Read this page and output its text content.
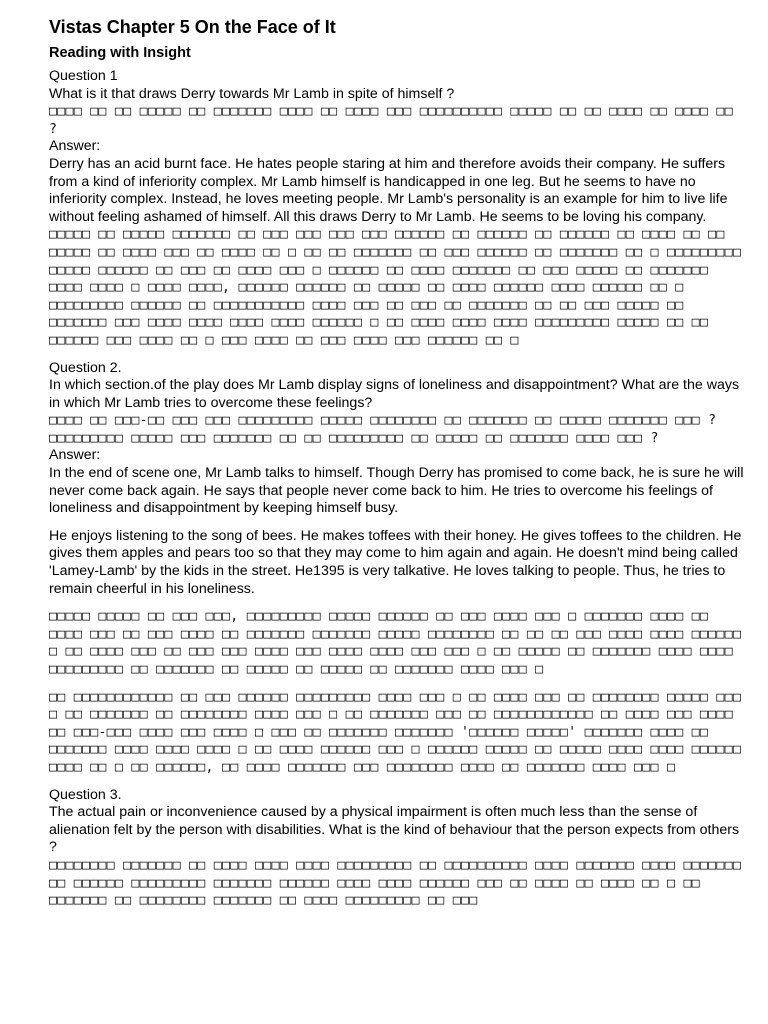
Vistas Chapter 5 On the Face of It
Reading with Insight

Question 1

What is it that draws Derry towards Mr Lamb in spite of himself ?

□□□□ □□ □□ □□□□□ □□ □□□□□□□ □□□□ □□ □□□□ □□□ □□□□□□□□□□ □□□□□ □□ □□ □□□□ □□ □□□□ □□ ?

Answer:

Derry has an acid burnt face. He hates people staring at him and therefore avoids their company. He suffers from a kind of inferiority complex. Mr Lamb himself is handicapped in one leg. But he seems to have no inferiority complex. Instead, he loves meeting people. Mr Lamb's personality is an example for him to live life without feeling ashamed of himself. All this draws Derry to Mr Lamb. He seems to be loving his company.

□□□□□ □□ □□□□□ □□□□□□□ □□ □□□ □□□ □□□ □□□ □□□□□□ □□ □□□□□□ □□ □□□□□□ □□ □□□□ □□ □□ □□□□□ □□ □□□□ □□□ □□ □□□□ □□ □ □□ □□ □□□□□□□ □□ □□□ □□□□□□ □□ □□□□□□□ □□ □ □□□□□□□□□ □□□□□ □□□□□□ □□ □□□ □□ □□□□ □□□ □ □□□□□□ □□ □□□□ □□□□□□□ □□ □□□ □□□□□ □□ □□□□□□□ □□□□ □□□□ □ □□□□ □□□□, □□□□□□ □□□□□□ □□ □□□□□ □□ □□□□ □□□□□□ □□□□ □□□□□□ □□ □ □□□□□□□□□ □□□□□□ □□ □□□□□□□□□□□ □□□□ □□□ □□ □□□ □□ □□□□□□□ □□ □□ □□□ □□□□□ □□ □□□□□□□ □□□ □□□□ □□□□ □□□□ □□□□ □□□□□□ □ □□ □□□□ □□□□ □□□□ □□□□□□□□□ □□□□□ □□ □□ □□□□□□ □□□ □□□□ □□ □ □□□ □□□□ □□ □□□ □□□□ □□□ □□□□□□ □□ □

Question 2.

In which section.of the play does Mr Lamb display signs of loneliness and disappointment? What are the ways in which Mr Lamb tries to overcome these feelings?

□□□□ □□ □□□-□□ □□□ □□□ □□□□□□□□□ □□□□□ □□□□□□□□ □□ □□□□□□□ □□ □□□□□ □□□□□□□ □□□ ? □□□□□□□□□ □□□□□ □□□ □□□□□□□ □□ □□ □□□□□□□□□ □□ □□□□□ □□ □□□□□□□ □□□□ □□□ ?

Answer:

In the end of scene one, Mr Lamb talks to himself. Though Derry has promised to come back, he is sure he will never come back again. He says that people never come back to him. He tries to overcome his feelings of loneliness and disappointment by keeping himself busy.

He enjoys listening to the song of bees. He makes toffees with their honey. He gives toffees to the children. He gives them apples and pears too so that they may come to him again and again. He doesn't mind being called 'Lamey-Lamb' by the kids in the street. He1395 is very talkative. He loves talking to people. Thus, he tries to remain cheerful in his loneliness.

□□□□□ □□□□□ □□ □□□ □□□, □□□□□□□□□ □□□□□ □□□□□□ □□ □□□ □□□□ □□□ □ □□□□□□□ □□□□ □□ □□□□ □□□ □□ □□□ □□□□ □□ □□□□□□□ □□□□□□□ □□□□□ □□□□□□□□ □□ □□ □□ □□□ □□□□ □□□□ □□□□□□ □ □□ □□□□ □□□ □□ □□□ □□□ □□□□ □□□ □□□□ □□□□ □□□ □□□ □ □□ □□□□□ □□ □□□□□□□ □□□□ □□□□ □□□□□□□□□ □□ □□□□□□□ □□ □□□□□ □□ □□□□□ □□ □□□□□□□ □□□□ □□□ □

□□ □□□□□□□□□□□□ □□ □□□ □□□□□□ □□□□□□□□□ □□□□ □□□ □ □□ □□□□ □□□ □□ □□□□□□□□ □□□□□ □□□ □ □□ □□□□□□□ □□ □□□□□□□□ □□□□ □□□ □ □□ □□□□□□□ □□□ □□ □□□□□□□□□□□□ □□ □□□□ □□□ □□□□ □□ □□□-□□□ □□□□ □□□ □□□□ □ □□□ □□ □□□□□□□ □□□□□□□ '□□□□□□ □□□□□' □□□□□□□ □□□□ □□ □□□□□□□ □□□□ □□□□ □□□□ □ □□ □□□□ □□□□□□ □□□ □ □□□□□□ □□□□□ □□ □□□□□ □□□□ □□□□ □□□□□□ □□□□ □□ □ □□ □□□□□□, □□ □□□□ □□□□□□□ □□□ □□□□□□□□ □□□□ □□ □□□□□□□ □□□□ □□□ □

Question 3.

The actual pain or inconvenience caused by a physical impairment is often much less than the sense of alienation felt by the person with disabilities. What is the kind of behaviour that the person expects from others ?

□□□□□□□□ □□□□□□□ □□ □□□□ □□□□ □□□□ □□□□□□□□□ □□ □□□□□□□□□□ □□□□ □□□□□□□ □□□□ □□□□□□□ □□ □□□□□□ □□□□□□□□□ □□□□□□□ □□□□□□ □□□□ □□□□ □□□□□□ □□□ □□ □□□□ □□ □□□□ □□ □ □□ □□□□□□□ □□ □□□□□□□□ □□□□□□□ □□ □□□□ □□□□□□□□□ □□ □□□
